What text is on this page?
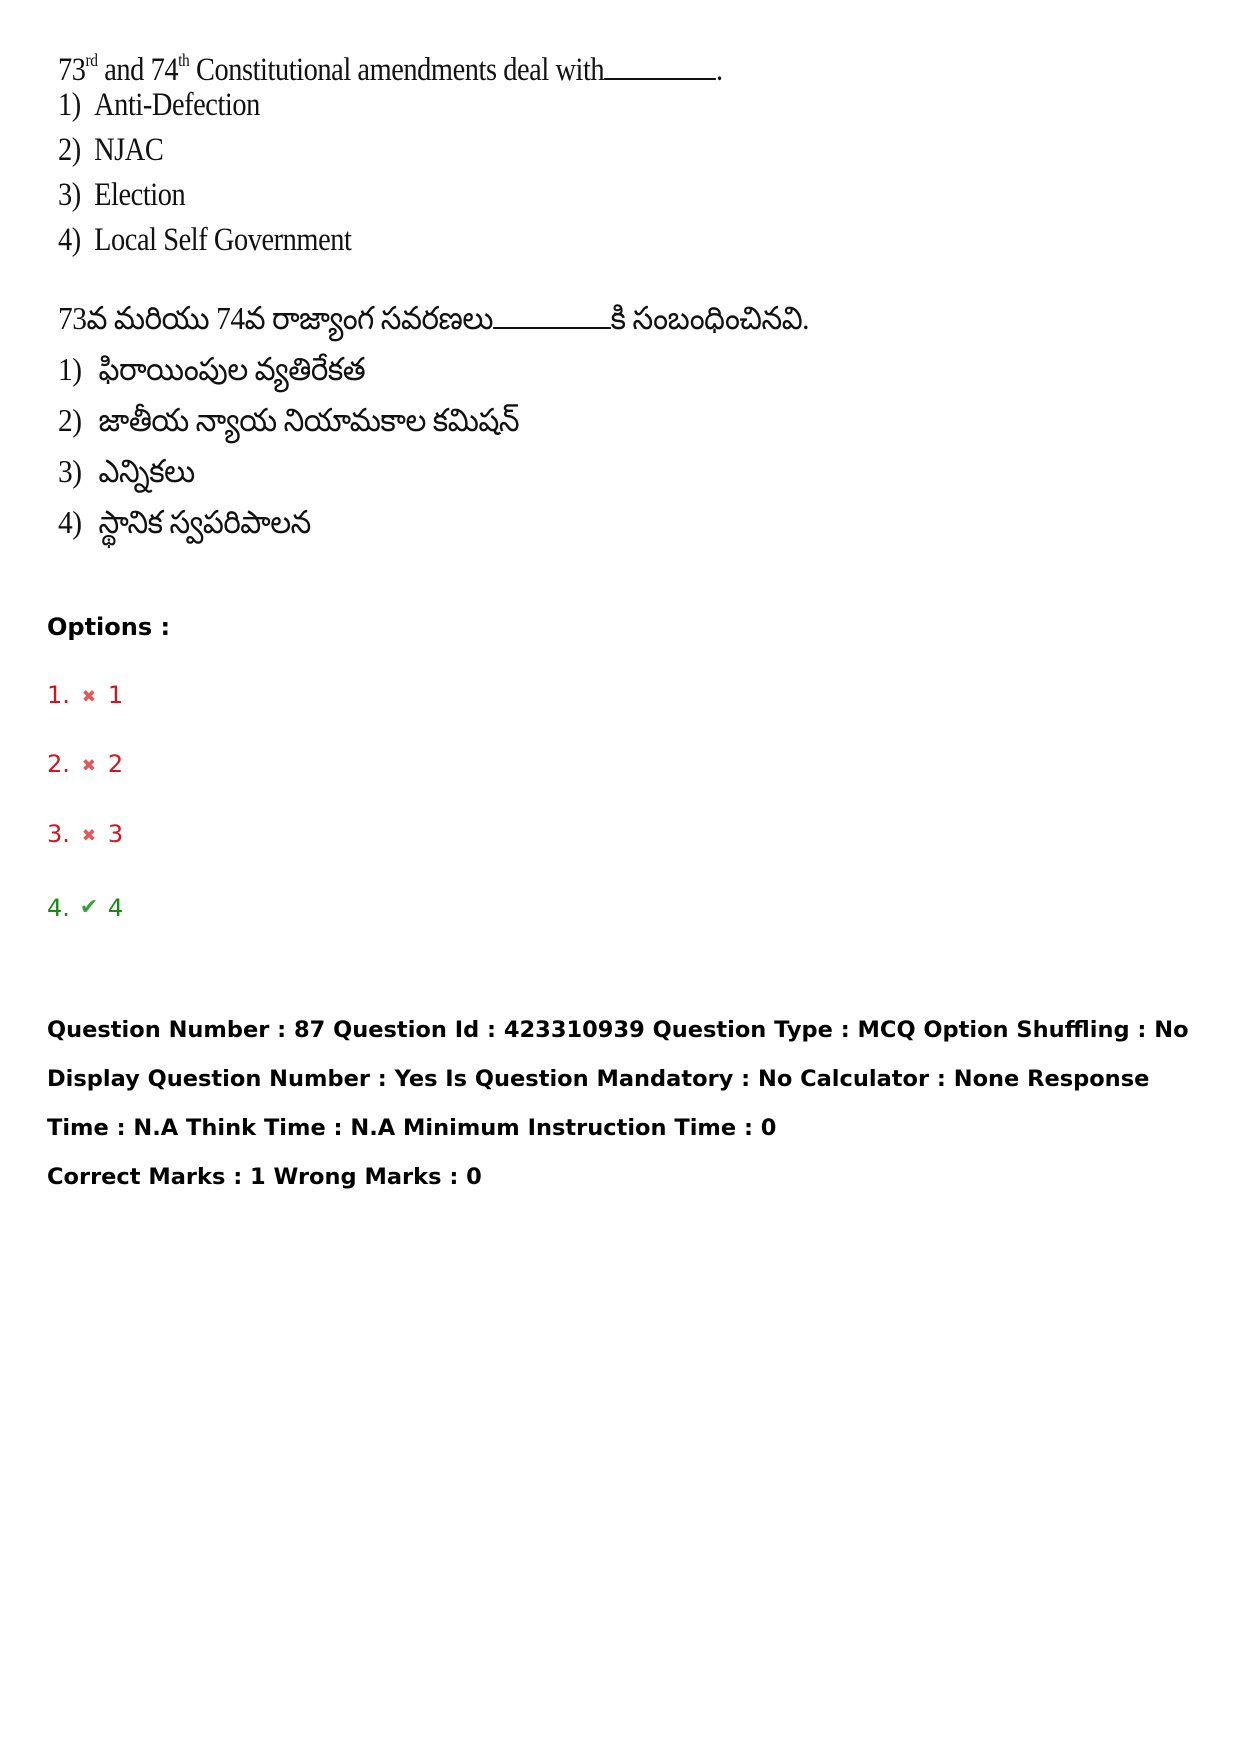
73rd and 74th Constitutional amendments deal with	.
1) Anti-Defection
2) NJAC
3) Election
4) Local Self Government
73వ మరియు 74వ రాజ్యాంగ సవరణలు	కి సంబంధించినవి.
1) ఫిరాయింపుల వ్యతిరేకత
2) జాతీయ న్యాయ నియామకాల కమిషన్
3) ఎన్నికలు
4) స్థానిక స్వపరిపాలన
Options :
1. ✖ 1
2. ✖ 2
3. ✖ 3
4. ✔ 4
Question Number : 87 Question Id : 423310939 Question Type : MCQ Option Shuffling : No Display Question Number : Yes Is Question Mandatory : No Calculator : None Response Time : N.A Think Time : N.A Minimum Instruction Time : 0
Correct Marks : 1 Wrong Marks : 0
